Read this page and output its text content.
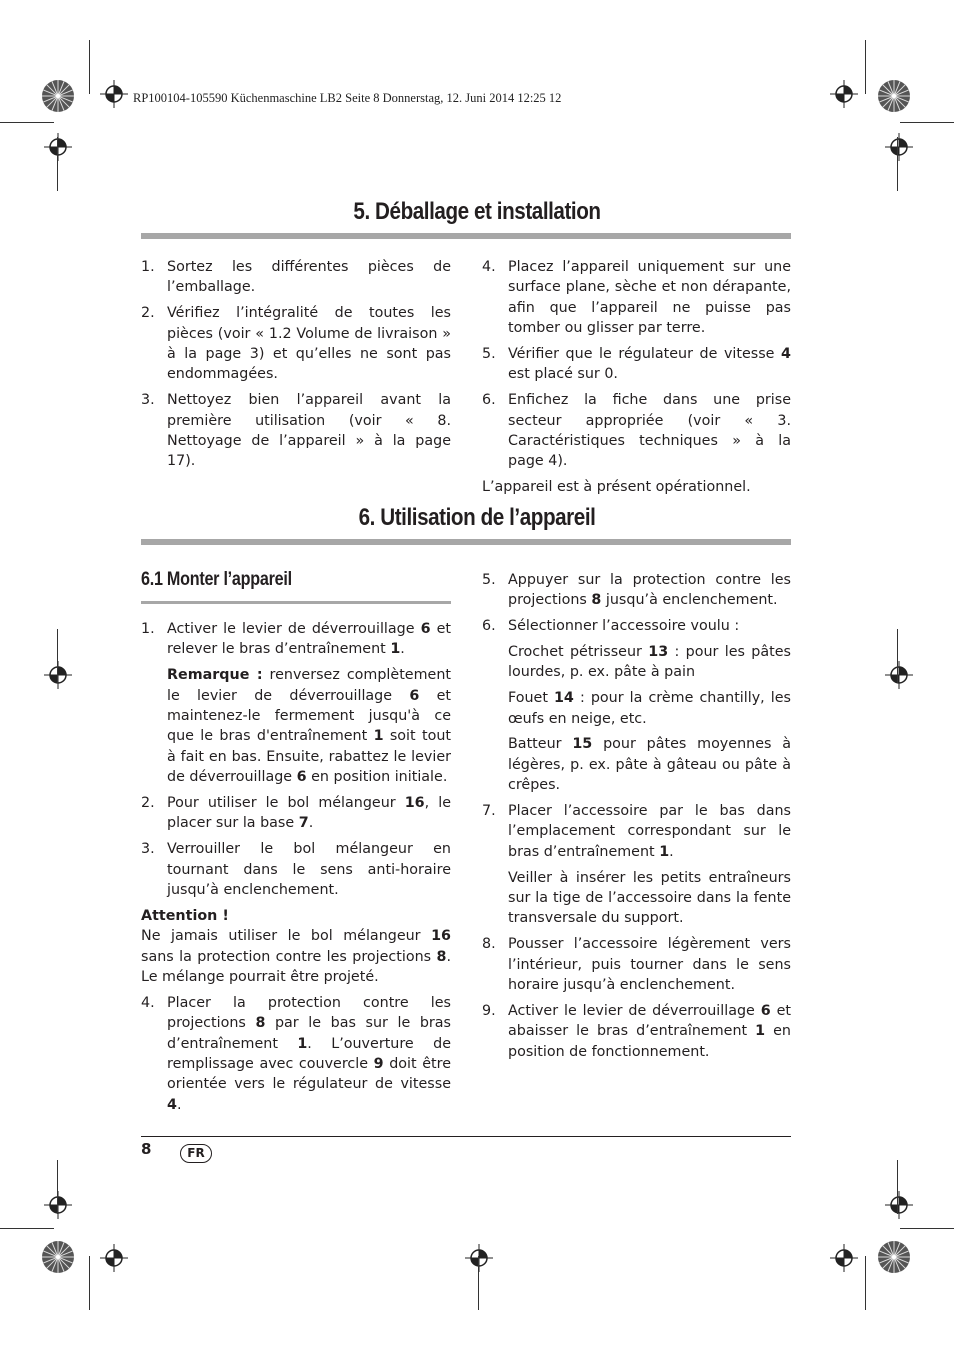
RP100104-105590 Küchenmaschine LB2 Seite 8 Donnerstag, 12. Juni 2014 12:25 12
5. Déballage et installation
1. Sortez les différentes pièces de l’emballage.
2. Vérifiez l’intégralité de toutes les pièces (voir « 1.2 Volume de livraison » à la page 3) et qu’elles ne sont pas endommagées.
3. Nettoyez bien l’appareil avant la première utilisation (voir « 8. Nettoyage de l’appareil » à la page 17).
4. Placez l’appareil uniquement sur une surface plane, sèche et non dérapante, afin que l’appareil ne puisse pas tomber ou glisser par terre.
5. Vérifier que le régulateur de vitesse 4 est placé sur 0.
6. Enfichez la fiche dans une prise secteur appropriée (voir « 3. Caractéristiques techniques » à la page 4).
L’appareil est à présent opérationnel.
6. Utilisation de l’appareil
6.1 Monter l’appareil
1. Activer le levier de déverrouillage 6 et relever le bras d’entraînement 1.
Remarque : renversez complètement le levier de déverrouillage 6 et maintenez-le fermement jusqu'à ce que le bras d'entraînement 1 soit tout à fait en bas. Ensuite, rabattez le levier de déverrouillage 6 en position initiale.
2. Pour utiliser le bol mélangeur 16, le placer sur la base 7.
3. Verrouiller le bol mélangeur en tournant dans le sens anti-horaire jusqu’à enclenchement.
Attention !
Ne jamais utiliser le bol mélangeur 16 sans la protection contre les projections 8. Le mélange pourrait être projeté.
4. Placer la protection contre les projections 8 par le bas sur le bras d’entraînement 1. L’ouverture de remplissage avec couvercle 9 doit être orientée vers le régulateur de vitesse 4.
5. Appuyer sur la protection contre les projections 8 jusqu’à enclenchement.
6. Sélectionner l’accessoire voulu :
Crochet pétrisseur 13 : pour les pâtes lourdes, p. ex. pâte à pain
Fouet 14 : pour la crème chantilly, les œufs en neige, etc.
Batteur 15 pour pâtes moyennes à légères, p. ex. pâte à gâteau ou pâte à crêpes.
7. Placer l’accessoire par le bas dans l’emplacement correspondant sur le bras d’entraînement 1.
Veiller à insérer les petits entraîneurs sur la tige de l’accessoire dans la fente transversale du support.
8. Pousser l’accessoire légèrement vers l’intérieur, puis tourner dans le sens horaire jusqu’à enclenchement.
9. Activer le levier de déverrouillage 6 et abaisser le bras d’entraînement 1 en position de fonctionnement.
8	FR
